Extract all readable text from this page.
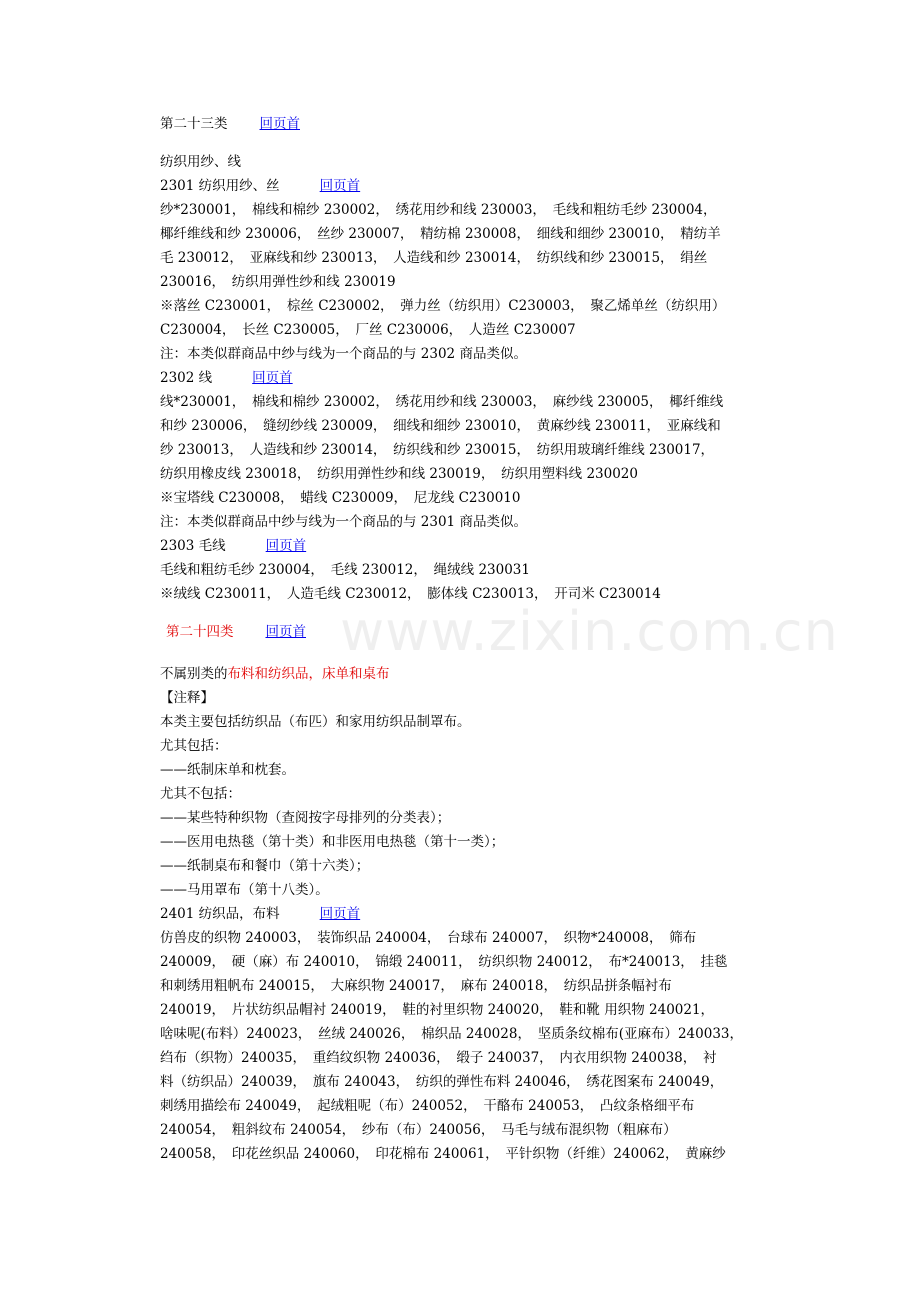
www.zixin.com.cn
第二十三类 回页首
纺织用纱、线
2301 纺织用纱、丝	回页首
纱*230001，　棉线和棉纱 230002，　绣花用纱和线 230003，　毛线和粗纺毛纱 230004，
椰纤维线和纱 230006，　丝纱 230007，　精纺棉 230008，　细线和细纱 230010，　精纺羊
毛 230012，　亚麻线和纱 230013，　人造线和纱 230014，　纺织线和纱 230015，　绢丝
230016，　纺织用弹性纱和线 230019
※落丝 C230001，　棕丝 C230002，　弹力丝（纺织用）C230003，　聚乙烯单丝（纺织用）
C230004，　长丝 C230005，　厂丝 C230006，　人造丝 C230007
注：本类似群商品中纱与线为一个商品的与 2302 商品类似。
2302 线	回页首
线*230001，　棉线和棉纱 230002，　绣花用纱和线 230003，　麻纱线 230005，　椰纤维线
和纱 230006，　缝纫纱线 230009，　细线和细纱 230010，　黄麻纱线 230011，　亚麻线和
纱 230013，　人造线和纱 230014，　纺织线和纱 230015，　纺织用玻璃纤维线 230017，
纺织用橡皮线 230018，　纺织用弹性纱和线 230019，　纺织用塑料线 230020
※宝塔线 C230008，　蜡线 C230009，　尼龙线 C230010
注：本类似群商品中纱与线为一个商品的与 2301 商品类似。
2303 毛线	回页首
毛线和粗纺毛纱 230004，　毛线 230012，　绳绒线 230031
※绒线 C230011，　人造毛线 C230012，　膨体线 C230013，　开司米 C230014
第二十四类 回页首
不属别类的布料和纺织品，床单和桌布
【注释】
本类主要包括纺织品（布匹）和家用纺织品制罩布。
尤其包括：
——纸制床单和枕套。
尤其不包括：
——某些特种织物（查阅按字母排列的分类表）；
——医用电热毯（第十类）和非医用电热毯（第十一类）；
——纸制桌布和餐巾（第十六类）；
——马用罩布（第十八类）。
2401 纺织品，布料	回页首
仿兽皮的织物 240003，　装饰织品 240004，　台球布 240007，　织物*240008，　筛布
240009，　硬（麻）布 240010，　锦缎 240011，　纺织织物 240012，　布*240013，　挂毯
和刺绣用粗帆布 240015，　大麻织物 240017，　麻布 240018，　纺织品拼条幅衬布
240019，　片状纺织品帽衬 240019，　鞋的衬里织物 240020，　鞋和靴 用织物 240021，
啥味呢(布料）240023，　丝绒 240026，　棉织品 240028，　坚质条纹棉布(亚麻布）240033，
绉布（织物）240035，　重绉纹织物 240036，　缎子 240037，　内衣用织物 240038，　衬
料（纺织品）240039，　旗布 240043，　纺织的弹性布料 240046，　绣花图案布 240049，
刺绣用描绘布 240049，　起绒粗呢（布）240052，　干酪布 240053，　凸纹条格细平布
240054，　粗斜纹布 240054，　纱布（布）240056，　马毛与绒布混织物（粗麻布）
240058，　印花丝织品 240060，　印花棉布 240061，　平针织物（纤维）240062，　黄麻纱
